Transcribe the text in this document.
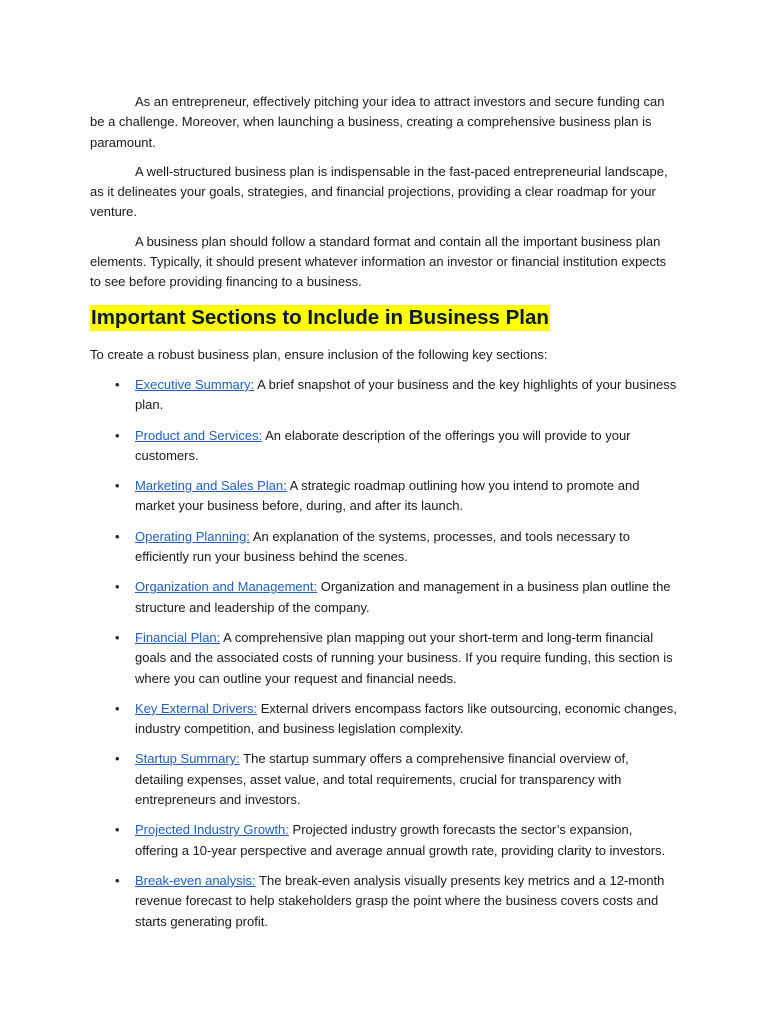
As an entrepreneur, effectively pitching your idea to attract investors and secure funding can be a challenge. Moreover, when launching a business, creating a comprehensive business plan is paramount.

A well-structured business plan is indispensable in the fast-paced entrepreneurial landscape, as it delineates your goals, strategies, and financial projections, providing a clear roadmap for your venture.

A business plan should follow a standard format and contain all the important business plan elements. Typically, it should present whatever information an investor or financial institution expects to see before providing financing to a business.

Important Sections to Include in Business Plan

To create a robust business plan, ensure inclusion of the following key sections:

• Executive Summary: A brief snapshot of your business and the key highlights of your business plan.
• Product and Services: An elaborate description of the offerings you will provide to your customers.
• Marketing and Sales Plan: A strategic roadmap outlining how you intend to promote and market your business before, during, and after its launch.
• Operating Planning: An explanation of the systems, processes, and tools necessary to efficiently run your business behind the scenes.
• Organization and Management: Organization and management in a business plan outline the structure and leadership of the company.
• Financial Plan: A comprehensive plan mapping out your short-term and long-term financial goals and the associated costs of running your business. If you require funding, this section is where you can outline your request and financial needs.
• Key External Drivers: External drivers encompass factors like outsourcing, economic changes, industry competition, and business legislation complexity.
• Startup Summary: The startup summary offers a comprehensive financial overview of, detailing expenses, asset value, and total requirements, crucial for transparency with entrepreneurs and investors.
• Projected Industry Growth: Projected industry growth forecasts the sector’s expansion, offering a 10-year perspective and average annual growth rate, providing clarity to investors.
• Break-even analysis: The break-even analysis visually presents key metrics and a 12-month revenue forecast to help stakeholders grasp the point where the business covers costs and starts generating profit.
